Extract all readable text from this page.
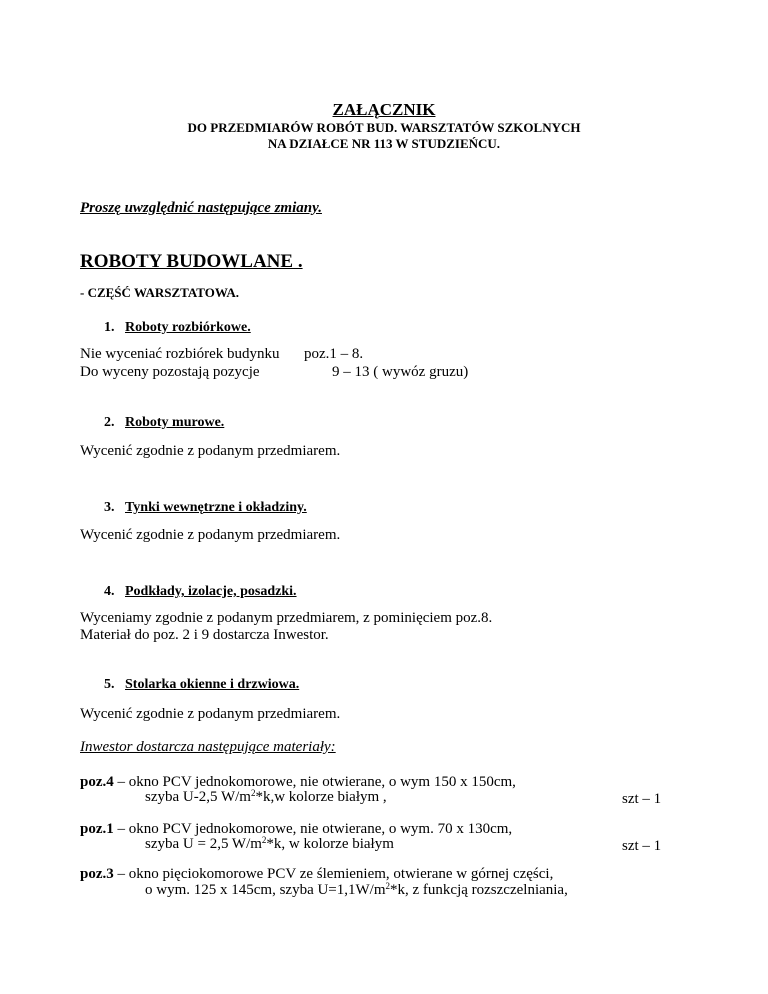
ZAŁĄCZNIK
DO PRZEDMIARÓW ROBÓT BUD. WARSZTATÓW SZKOLNYCH
NA DZIAŁCE NR 113 W STUDZIEŃCU.
Proszę uwzględnić następujące zmiany.
ROBOTY BUDOWLANE .
- CZĘŚĆ WARSZTATOWA.
1. Roboty rozbiórkowe.
Nie wyceniać rozbiórek budynku poz.1 – 8.
Do wyceny pozostają pozycje	9 – 13 ( wywóz gruzu)
2. Roboty murowe.
Wycenić zgodnie z podanym przedmiarem.
3. Tynki wewnętrzne i okładziny.
Wycenić zgodnie z podanym przedmiarem.
4. Podkłady, izolacje, posadzki.
Wyceniamy zgodnie z podanym przedmiarem, z pominięciem poz.8.
Materiał do poz. 2 i 9 dostarcza Inwestor.
5. Stolarka okienne i drzwiowa.
Wycenić zgodnie z podanym przedmiarem.
Inwestor dostarcza następujące materiały:
poz.4 – okno PCV jednokomorowe, nie otwierane, o wym 150 x 150cm,
szyba U-2,5 $W/m^2*k,w$ kolorze białym ,	szt – 1
poz.1 – okno PCV jednokomorowe, nie otwierane, o wym. 70 x 130cm,
szyba U = 2,5 $W/m^2*k$, w kolorze białym	szt – 1
poz.3 – okno pięciokomorowe PCV ze ślemieniem, otwierane w górnej części,
o wym. 125 x 145cm, szyba $U=1,1W/m^2*k$, z funkcją rozszczelniania,
